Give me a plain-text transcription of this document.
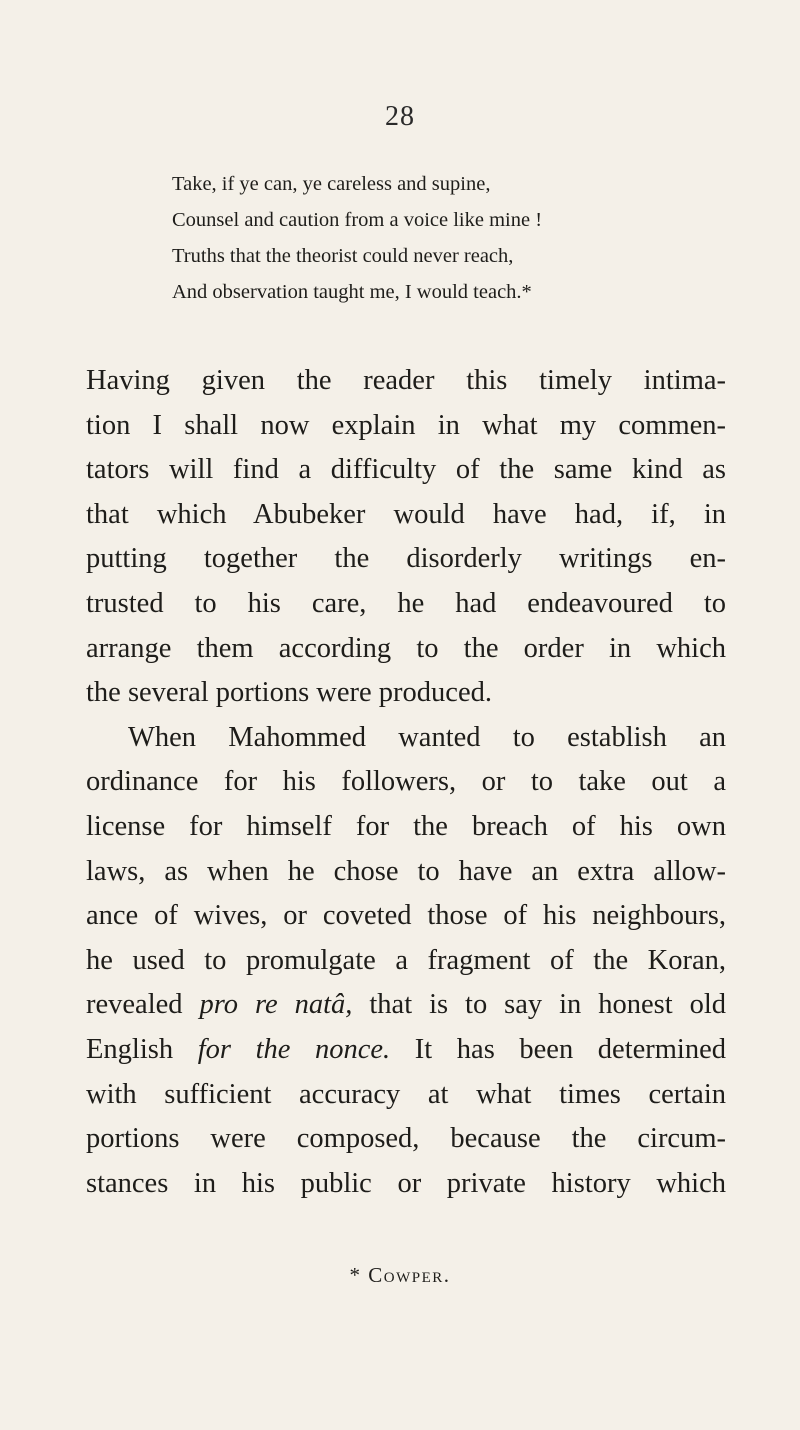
28
Take, if ye can, ye careless and supine,
Counsel and caution from a voice like mine !
Truths that the theorist could never reach,
And observation taught me, I would teach.*
Having given the reader this timely intima-
tion I shall now explain in what my commen-
tators will find a difficulty of the same kind as
that which Abubeker would have had, if, in
putting together the disorderly writings en-
trusted to his care, he had endeavoured to
arrange them according to the order in which
the several portions were produced.
When Mahommed wanted to establish an
ordinance for his followers, or to take out a
license for himself for the breach of his own
laws, as when he chose to have an extra allow-
ance of wives, or coveted those of his neighbours,
he used to promulgate a fragment of the Koran,
revealed pro re natâ, that is to say in honest old
English for the nonce. It has been determined
with sufficient accuracy at what times certain
portions were composed, because the circum-
stances in his public or private history which
* Cowper.
